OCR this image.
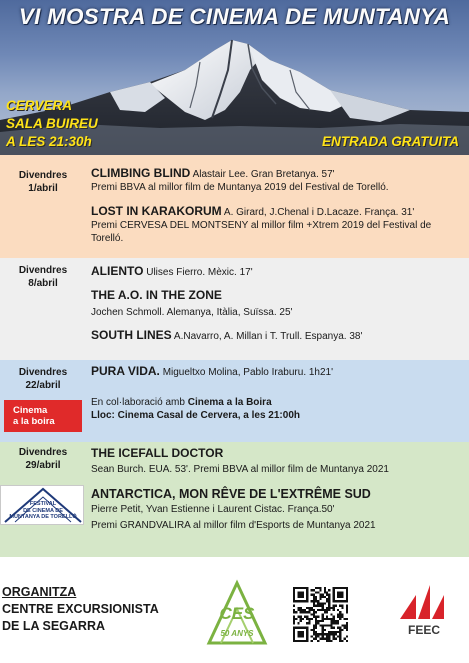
VI MOSTRA DE CINEMA DE MUNTANYA
CERVERA
SALA BUIREU
A LES 21:30h	ENTRADA GRATUITA
Divendres
1/abril
CLIMBING BLIND Alastair Lee. Gran Bretanya. 57'
Premi BBVA al millor film de Muntanya 2019 del Festival de Torelló.
LOST IN KARAKORUM A. Girard, J.Chenal i D.Lacaze. França. 31'
Premi CERVESA DEL MONTSENY al millor film +Xtrem 2019 del Festival de Torelló.
Divendres
8/abril
ALIENTO Ulises Fierro. Mèxic. 17'
THE A.O. IN THE ZONE
Jochen Schmoll. Alemanya, Itàlia, Suïssa. 25'
SOUTH LINES A.Navarro, A. Millan i T. Trull. Espanya. 38'
Divendres
22/abril
Cinema
a la boira
PURA VIDA. Migueltxo Molina, Pablo Iraburu. 1h21'
En col·laboració amb Cinema a la Boira
Lloc: Cinema Casal de Cervera, a les 21:00h
Divendres
29/abril
FESTIVAL
DE CINEMA DE
MUNTANYA DE TORELLÓ
THE ICEFALL DOCTOR
Sean Burch. EUA. 53'. Premi BBVA al millor film de Muntanya 2021
ANTARCTICA, MON RÊVE DE L'EXTRÊME SUD
Pierre Petit, Yvan Estienne i Laurent Cistac. França.50'
Premi GRANDVALIRA al millor film d'Esports de Muntanya 2021
ORGANITZA
CENTRE EXCURSIONISTA
DE LA SEGARRA
CES
50 ANYS	FEEC
